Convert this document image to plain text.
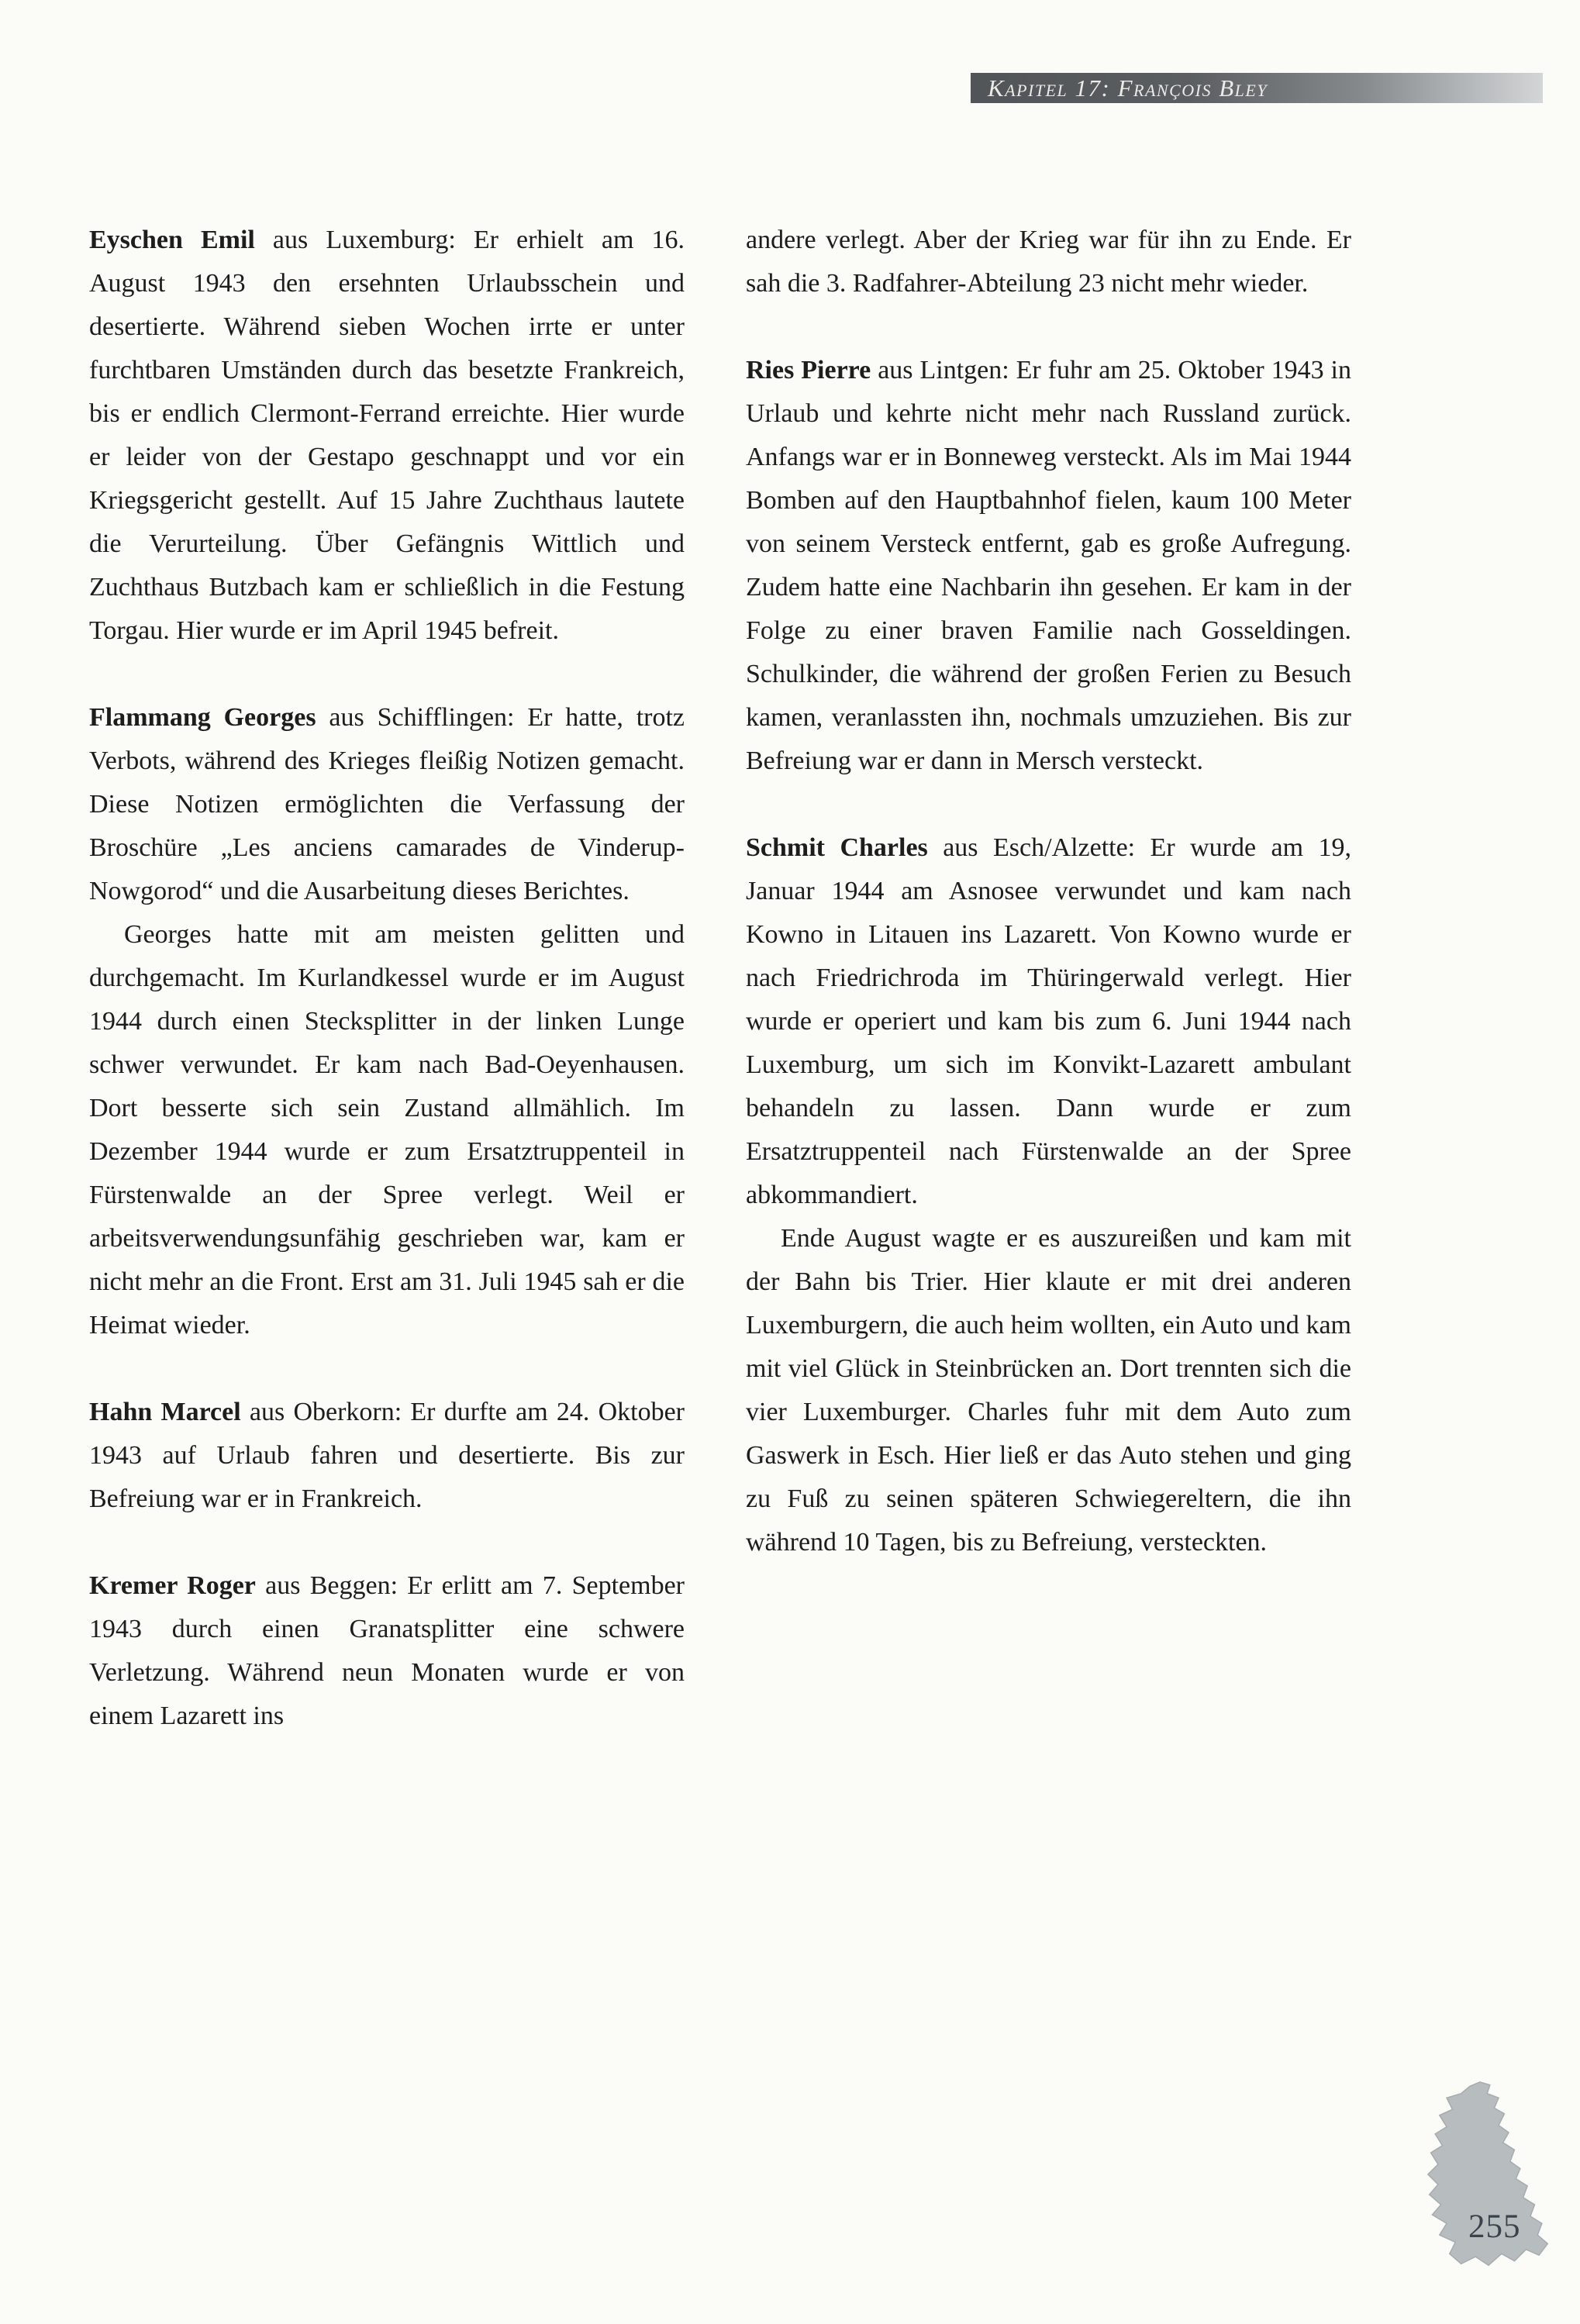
Kapitel 17: François Bley

Eyschen Emil aus Luxemburg: Er erhielt am 16. August 1943 den ersehnten Urlaubsschein und desertierte. Während sieben Wochen irrte er unter furchtbaren Umständen durch das besetzte Frankreich, bis er endlich Clermont-Ferrand erreichte. Hier wurde er leider von der Gestapo geschnappt und vor ein Kriegsgericht gestellt. Auf 15 Jahre Zuchthaus lautete die Verurteilung. Über Gefängnis Wittlich und Zuchthaus Butzbach kam er schließlich in die Festung Torgau. Hier wurde er im April 1945 befreit.

Flammang Georges aus Schifflingen: Er hatte, trotz Verbots, während des Krieges fleißig Notizen gemacht. Diese Notizen ermöglichten die Verfassung der Broschüre „Les anciens camarades de Vinderup-Nowgorod“ und die Ausarbeitung dieses Berichtes.

Georges hatte mit am meisten gelitten und durchgemacht. Im Kurlandkessel wurde er im August 1944 durch einen Stecksplitter in der linken Lunge schwer verwundet. Er kam nach Bad-Oeyenhausen. Dort besserte sich sein Zustand allmählich. Im Dezember 1944 wurde er zum Ersatztruppenteil in Fürstenwalde an der Spree verlegt. Weil er arbeitsverwendungsunfähig geschrieben war, kam er nicht mehr an die Front. Erst am 31. Juli 1945 sah er die Heimat wieder.

Hahn Marcel aus Oberkorn: Er durfte am 24. Oktober 1943 auf Urlaub fahren und desertierte. Bis zur Befreiung war er in Frankreich.

Kremer Roger aus Beggen: Er erlitt am 7. September 1943 durch einen Granatsplitter eine schwere Verletzung. Während neun Monaten wurde er von einem Lazarett ins

andere verlegt. Aber der Krieg war für ihn zu Ende. Er sah die 3. Radfahrer-Abteilung 23 nicht mehr wieder.

Ries Pierre aus Lintgen: Er fuhr am 25. Oktober 1943 in Urlaub und kehrte nicht mehr nach Russland zurück. Anfangs war er in Bonneweg versteckt. Als im Mai 1944 Bomben auf den Hauptbahnhof fielen, kaum 100 Meter von seinem Versteck entfernt, gab es große Aufregung. Zudem hatte eine Nachbarin ihn gesehen. Er kam in der Folge zu einer braven Familie nach Gosseldingen. Schulkinder, die während der großen Ferien zu Besuch kamen, veranlassten ihn, nochmals umzuziehen. Bis zur Befreiung war er dann in Mersch versteckt.

Schmit Charles aus Esch/Alzette: Er wurde am 19, Januar 1944 am Asnosee verwundet und kam nach Kowno in Litauen ins Lazarett. Von Kowno wurde er nach Friedrichroda im Thüringerwald verlegt. Hier wurde er operiert und kam bis zum 6. Juni 1944 nach Luxemburg, um sich im Konvikt-Lazarett ambulant behandeln zu lassen. Dann wurde er zum Ersatztruppenteil nach Fürstenwalde an der Spree abkommandiert.

Ende August wagte er es auszureißen und kam mit der Bahn bis Trier. Hier klaute er mit drei anderen Luxemburgern, die auch heim wollten, ein Auto und kam mit viel Glück in Steinbrücken an. Dort trennten sich die vier Luxemburger. Charles fuhr mit dem Auto zum Gaswerk in Esch. Hier ließ er das Auto stehen und ging zu Fuß zu seinen späteren Schwiegereltern, die ihn während 10 Tagen, bis zu Befreiung, versteckten.

255
